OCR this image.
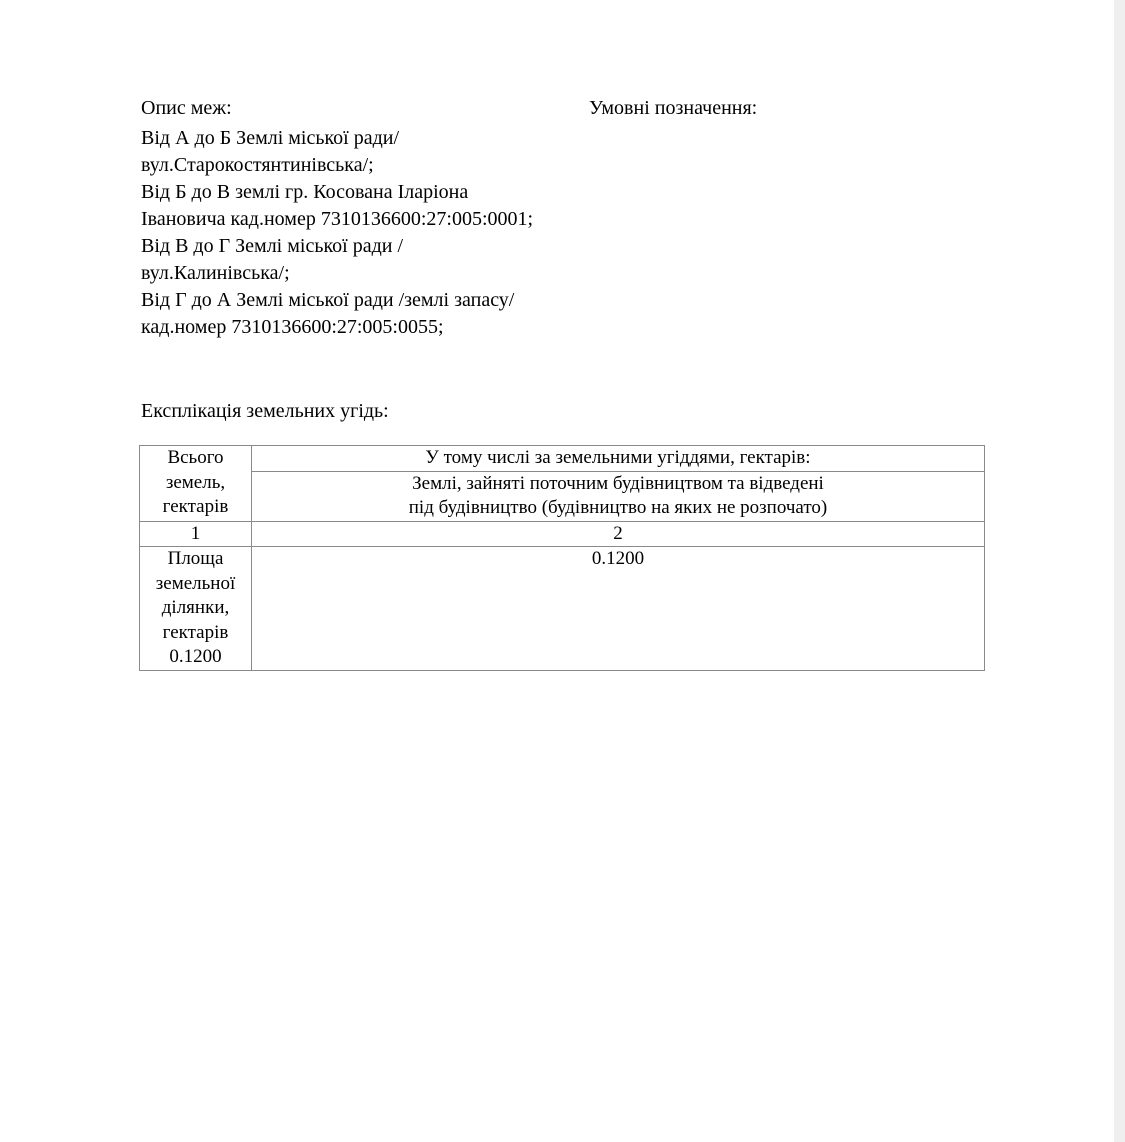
Опис меж:
Від А до Б Землі міської ради/
вул.Старокостянтинівська/;
Від Б до В землі гр. Косована Іларіона
Івановича кад.номер 7310136600:27:005:0001;
Від В до Г Землі міської ради /
вул.Калинівська/;
Від Г до А Землі міської ради /землі запасу/
кад.номер 7310136600:27:005:0055;
Умовні позначення:
Експлікація земельних угідь:
Всього
земель,
гектарів	У тому числі за земельними угіддями, гектарів:

	Землі, зайняті поточним будівництвом та відведені
під будівництво (будівництво на яких не розпочато)

1	2

Площа
земельної
ділянки,
гектарів
0.1200	0.1200
